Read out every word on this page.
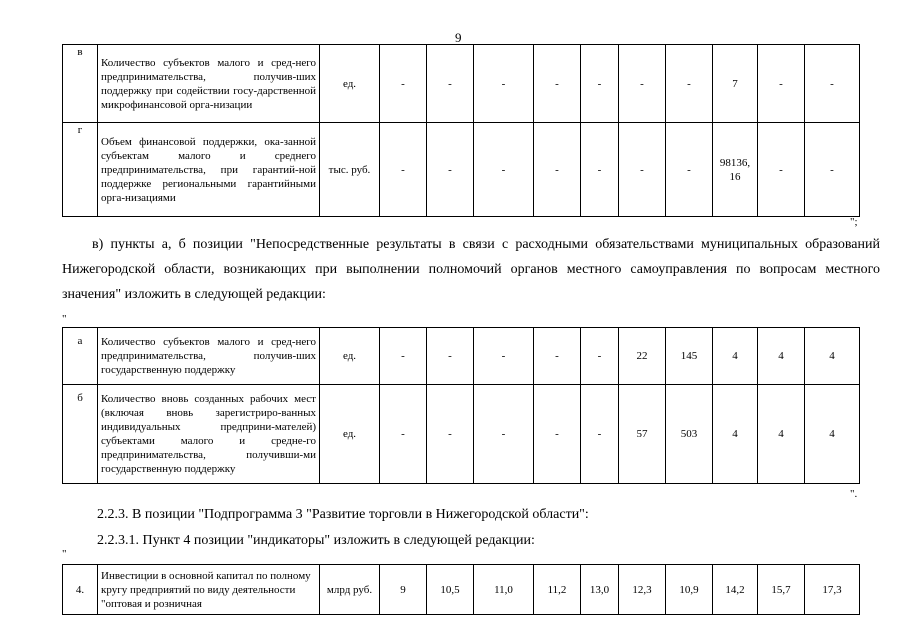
9
в	Количество субъектов малого и сред-него предпринимательства, получив-ших поддержку при содействии госу-дарственной микрофинансовой орга-низации	ед.	-	-	-	-	-	-	-	7	-	-
г	Объем финансовой поддержки, ока-занной субъектам малого и среднего предпринимательства, при гарантий-ной поддержке региональными гарантийными орга-низациями	тыс. руб.	-	-	-	-	-	-	-	98136, 16	-	-
";
в) пункты а, б позиции "Непосредственные результаты в связи с расходными обязательствами муниципальных образований Нижегородской области, возникающих при выполнении полномочий органов местного самоуправления по вопросам местного значения" изложить в следующей редакции:
"
а	Количество субъектов малого и сред-него предпринимательства, получив-ших государственную поддержку	ед.	-	-	-	-	-	22	145	4	4	4
б	Количество вновь созданных рабочих мест (включая вновь зарегистриро-ванных индивидуальных предприни-мателей) субъектами малого и средне-го предпринимательства, получивши-ми государственную поддержку	ед.	-	-	-	-	-	57	503	4	4	4
".
2.2.3. В позиции "Подпрограмма 3 "Развитие торговли в Нижегородской области":
2.2.3.1. Пункт 4 позиции "индикаторы" изложить в следующей редакции:
"
4.	Инвестиции в основной капитал по полному кругу предприятий по виду деятельности "оптовая и розничная	млрд руб.	9	10,5	11,0	11,2	13,0	12,3	10,9	14,2	15,7	17,3
